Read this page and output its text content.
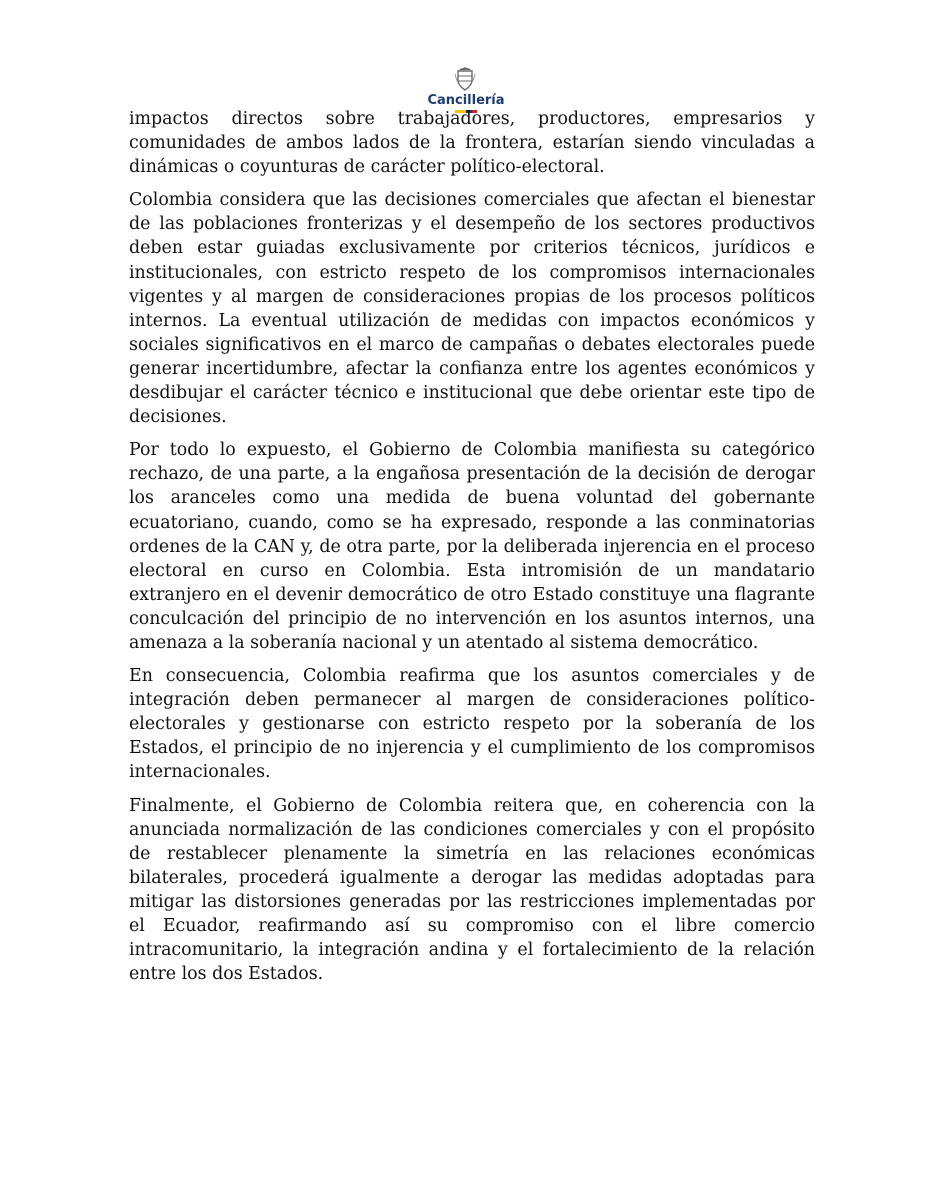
Cancillería

impactos directos sobre trabajadores, productores, empresarios y comunidades de ambos lados de la frontera, estarían siendo vinculadas a dinámicas o coyunturas de carácter político-electoral.

Colombia considera que las decisiones comerciales que afectan el bienestar de las poblaciones fronterizas y el desempeño de los sectores productivos deben estar guiadas exclusivamente por criterios técnicos, jurídicos e institucionales, con estricto respeto de los compromisos internacionales vigentes y al margen de consideraciones propias de los procesos políticos internos. La eventual utilización de medidas con impactos económicos y sociales significativos en el marco de campañas o debates electorales puede generar incertidumbre, afectar la confianza entre los agentes económicos y desdibujar el carácter técnico e institucional que debe orientar este tipo de decisiones.

Por todo lo expuesto, el Gobierno de Colombia manifiesta su categórico rechazo, de una parte, a la engañosa presentación de la decisión de derogar los aranceles como una medida de buena voluntad del gobernante ecuatoriano, cuando, como se ha expresado, responde a las conminatorias ordenes de la CAN y, de otra parte, por la deliberada injerencia en el proceso electoral en curso en Colombia. Esta intromisión de un mandatario extranjero en el devenir democrático de otro Estado constituye una flagrante conculcación del principio de no intervención en los asuntos internos, una amenaza a la soberanía nacional y un atentado al sistema democrático.

En consecuencia, Colombia reafirma que los asuntos comerciales y de integración deben permanecer al margen de consideraciones político-electorales y gestionarse con estricto respeto por la soberanía de los Estados, el principio de no injerencia y el cumplimiento de los compromisos internacionales.

Finalmente, el Gobierno de Colombia reitera que, en coherencia con la anunciada normalización de las condiciones comerciales y con el propósito de restablecer plenamente la simetría en las relaciones económicas bilaterales, procederá igualmente a derogar las medidas adoptadas para mitigar las distorsiones generadas por las restricciones implementadas por el Ecuador, reafirmando así su compromiso con el libre comercio intracomunitario, la integración andina y el fortalecimiento de la relación entre los dos Estados.
